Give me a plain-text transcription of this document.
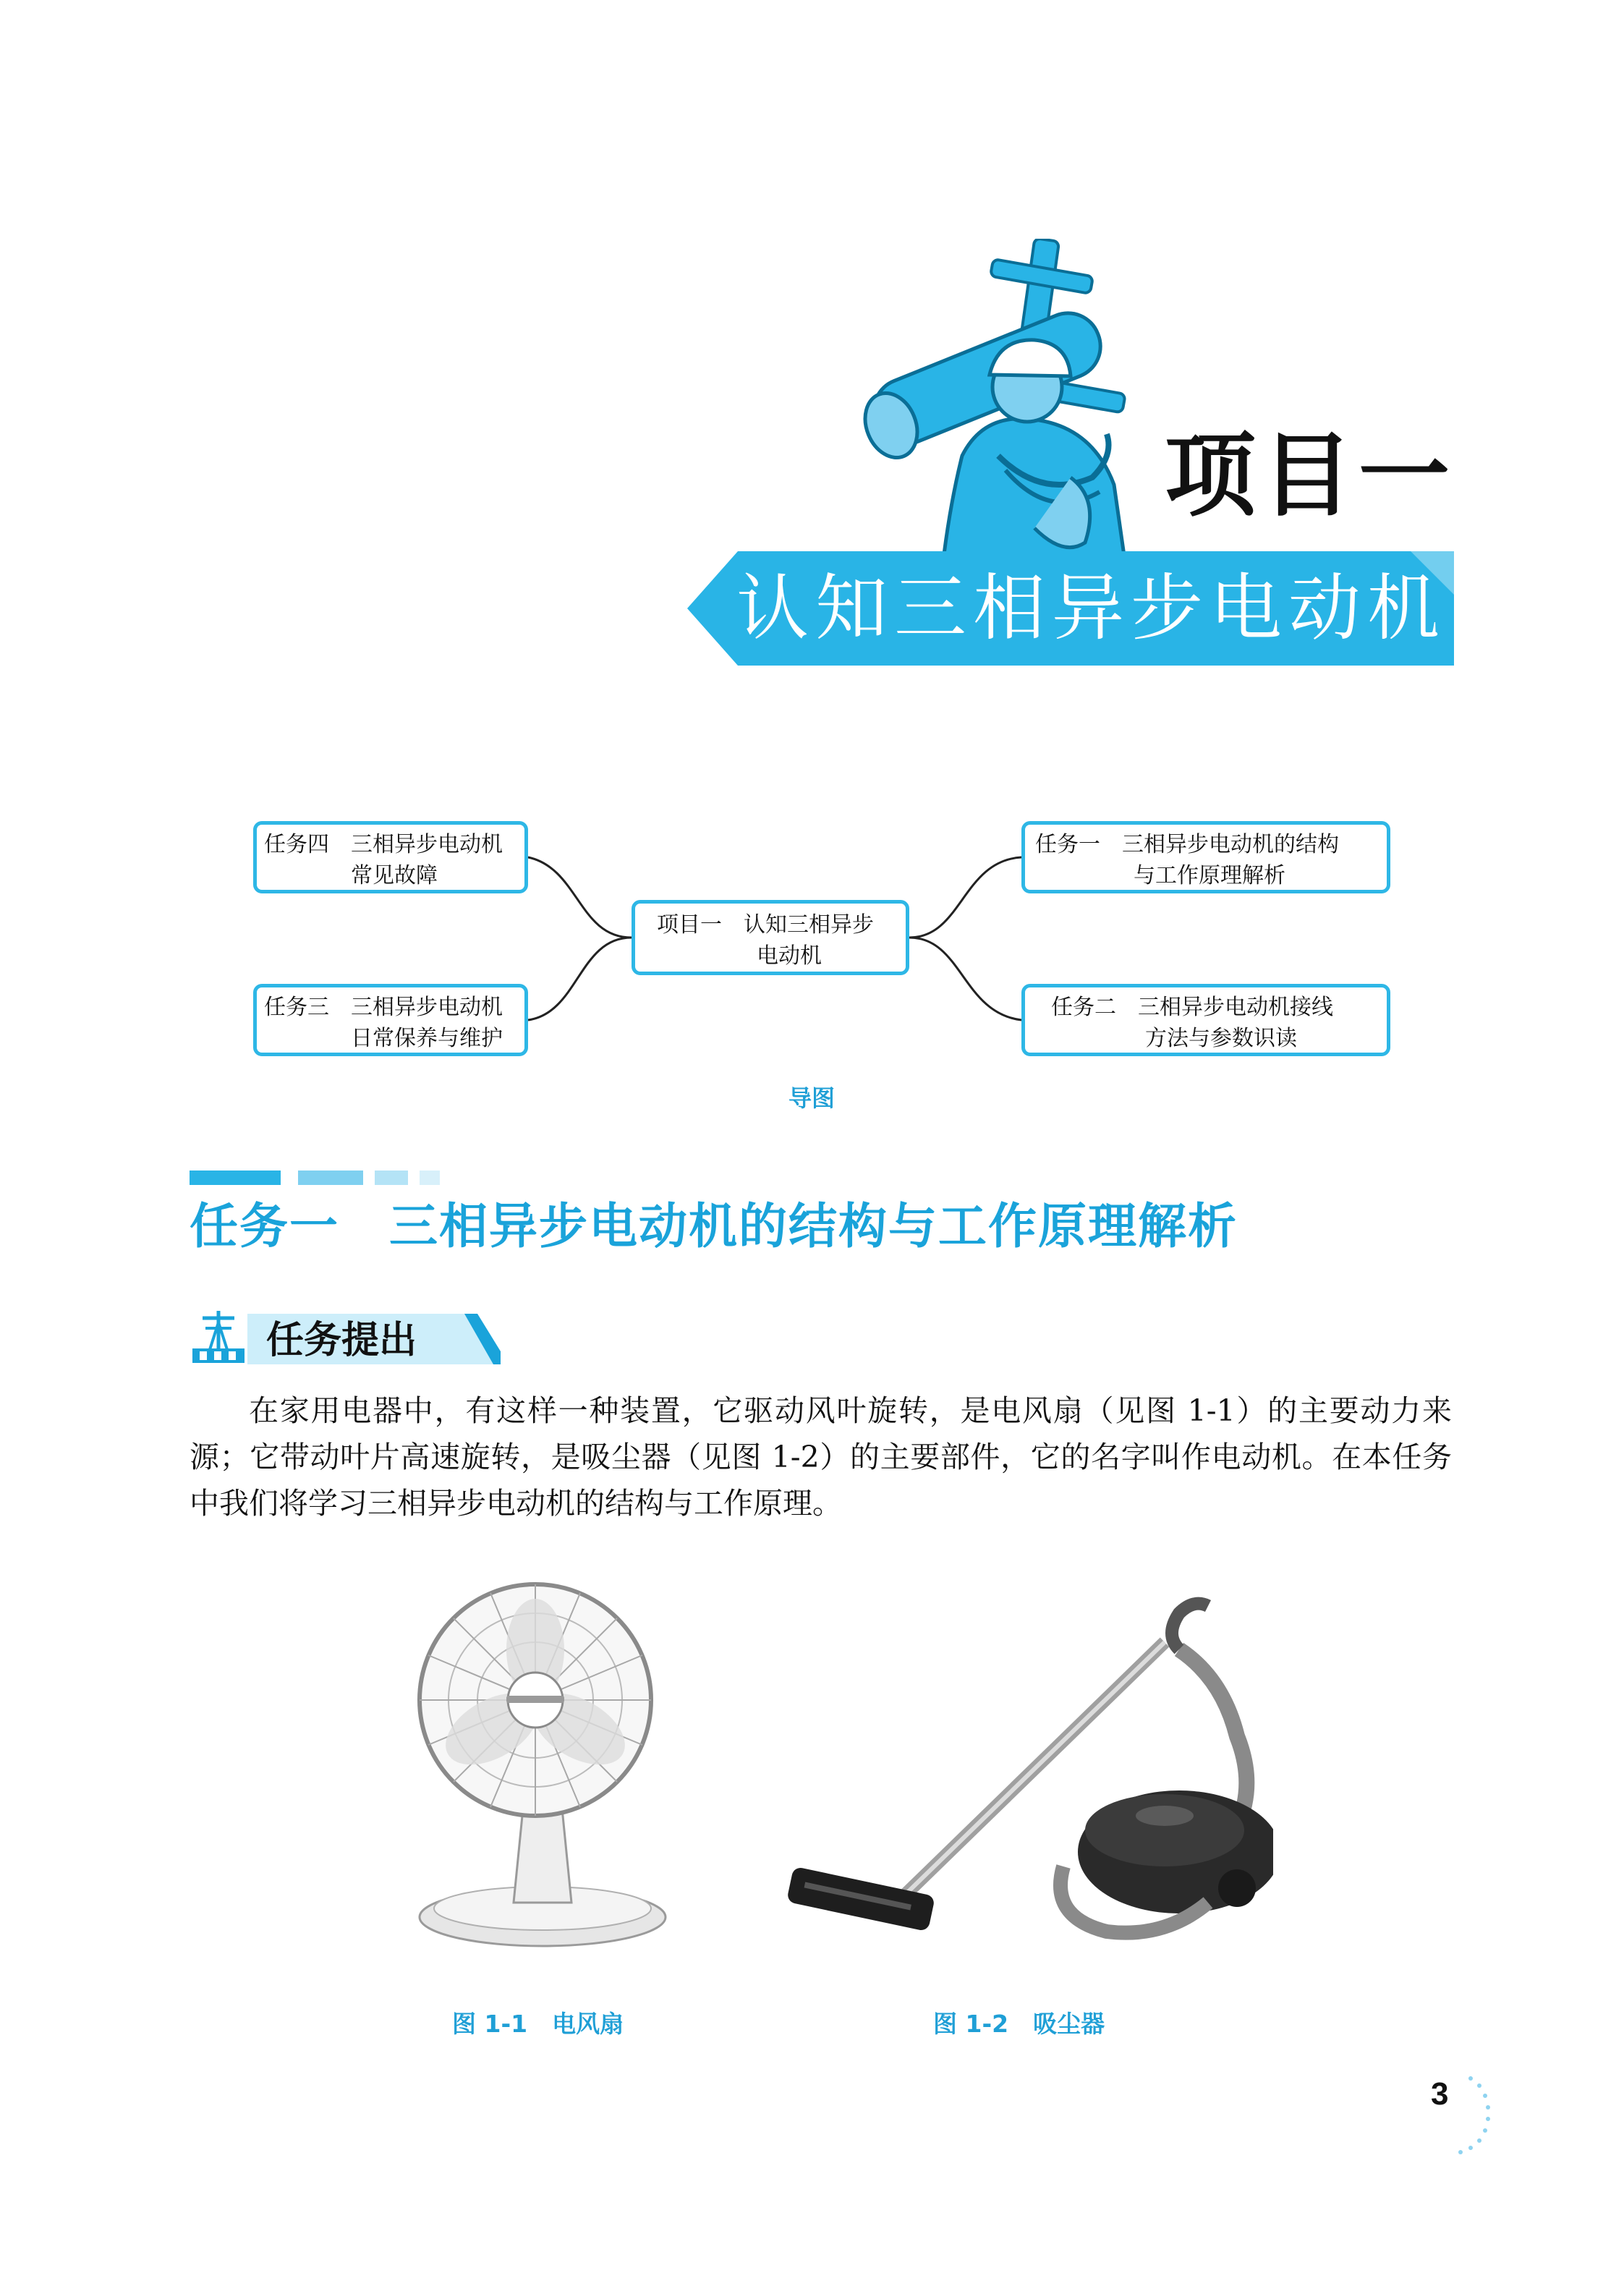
项目一
认知三相异步电动机
项目一　认知三相异步
电动机
任务四 三相异步电动机
常见故障
任务三 三相异步电动机
日常保养与维护
任务一 三相异步电动机的结构
与工作原理解析
任务二 三相异步电动机接线
方法与参数识读
导图
任务一　三相异步电动机的结构与工作原理解析
任务提出
在家用电器中，有这样一种装置，它驱动风叶旋转，是电风扇（见图 1-1）的主要动力来源；它带动叶片高速旋转，是吸尘器（见图 1-2）的主要部件，它的名字叫作电动机。在本任务中我们将学习三相异步电动机的结构与工作原理。
图 1-1 电风扇	图 1-2 吸尘器
3
